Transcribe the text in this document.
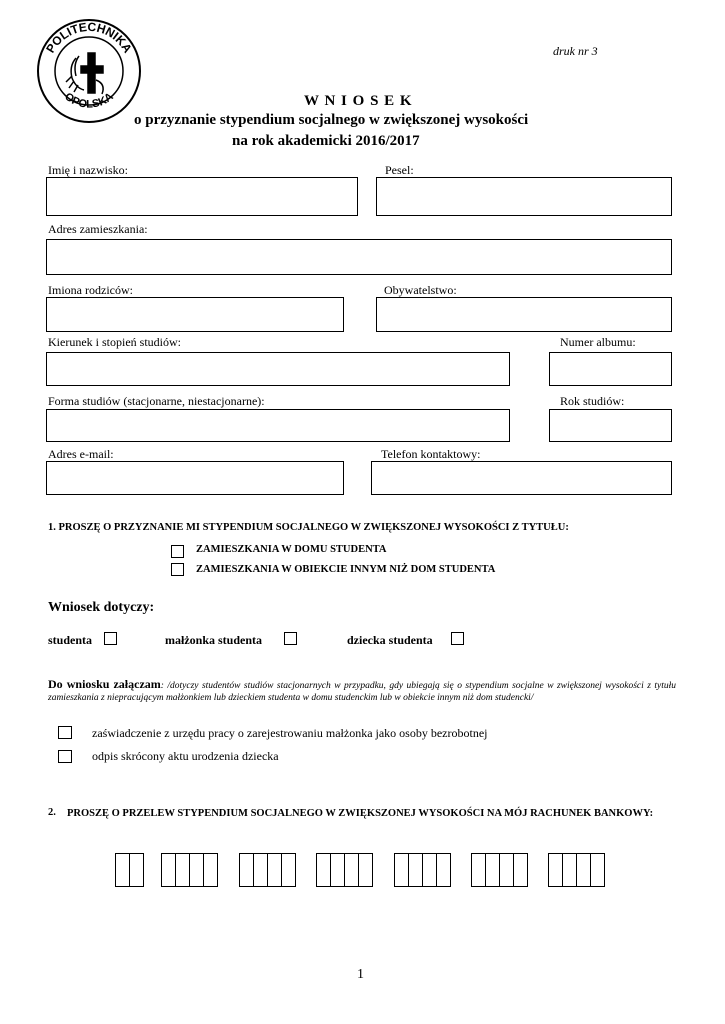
POLITECHNIKA
OPOLSKA
druk nr 3
W N I O S E K
o przyznanie stypendium socjalnego w zwiększonej wysokości
na rok akademicki 2016/2017
Imię i nazwisko:	Pesel:
Adres zamieszkania:
Imiona rodziców:	Obywatelstwo:
Kierunek i stopień studiów:	Numer albumu:
Forma studiów (stacjonarne, niestacjonarne):	Rok studiów:
Adres e-mail:	Telefon kontaktowy:
1. PROSZĘ O PRZYZNANIE MI STYPENDIUM SOCJALNEGO W ZWIĘKSZONEJ WYSOKOŚCI Z TYTUŁU:
ZAMIESZKANIA W DOMU STUDENTA
ZAMIESZKANIA W OBIEKCIE INNYM NIŻ DOM STUDENTA
Wniosek dotyczy:
studenta	małżonka studenta	dziecka studenta
Do wniosku załączam: /dotyczy studentów studiów stacjonarnych w przypadku, gdy ubiegają się o stypendium socjalne w zwiększonej wysokości z tytułu zamieszkania z niepracującym małżonkiem lub dzieckiem studenta w domu studenckim lub w obiekcie innym niż dom studencki/
zaświadczenie z urzędu pracy o zarejestrowaniu małżonka jako osoby bezrobotnej
odpis skrócony aktu urodzenia dziecka
2. PROSZĘ O PRZELEW STYPENDIUM SOCJALNEGO W ZWIĘKSZONEJ WYSOKOŚCI NA MÓJ RACHUNEK BANKOWY:
1
